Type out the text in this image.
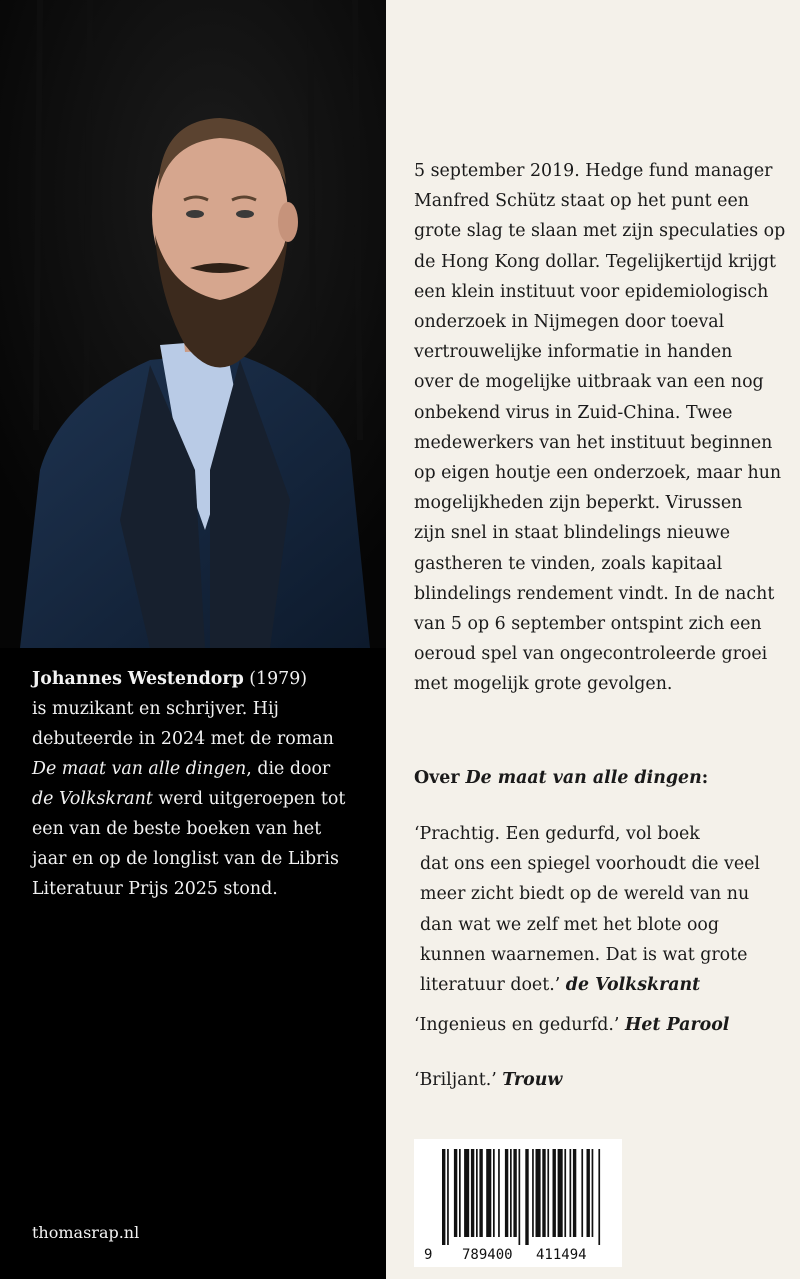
Johannes Westendorp (1979)
is muzikant en schrijver. Hij
debuteerde in 2024 met de roman
De maat van alle dingen, die door
de Volkskrant werd uitgeroepen tot
een van de beste boeken van het
jaar en op de longlist van de Libris
Literatuur Prijs 2025 stond.
thomasrap.nl
5 september 2019. Hedge fund manager
Manfred Schütz staat op het punt een
grote slag te slaan met zijn speculaties op
de Hong Kong dollar. Tegelijkertijd krijgt
een klein instituut voor epidemiologisch
onderzoek in Nijmegen door toeval
vertrouwelijke informatie in handen
over de mogelijke uitbraak van een nog
onbekend virus in Zuid-China. Twee
medewerkers van het instituut beginnen
op eigen houtje een onderzoek, maar hun
mogelijkheden zijn beperkt. Virussen
zijn snel in staat blindelings nieuwe
gastheren te vinden, zoals kapitaal
blindelings rendement vindt. In de nacht
van 5 op 6 september ontspint zich een
oeroud spel van ongecontroleerde groei
met mogelijk grote gevolgen.
Over De maat van alle dingen:
‘Prachtig. Een gedurfd, vol boek
dat ons een spiegel voorhoudt die veel
meer zicht biedt op de wereld van nu
dan wat we zelf met het blote oog
kunnen waarnemen. Dat is wat grote
literatuur doet.’ de Volkskrant
‘Ingenieus en gedurfd.’ Het Parool
‘Briljant.’ Trouw
9 789400 411494
